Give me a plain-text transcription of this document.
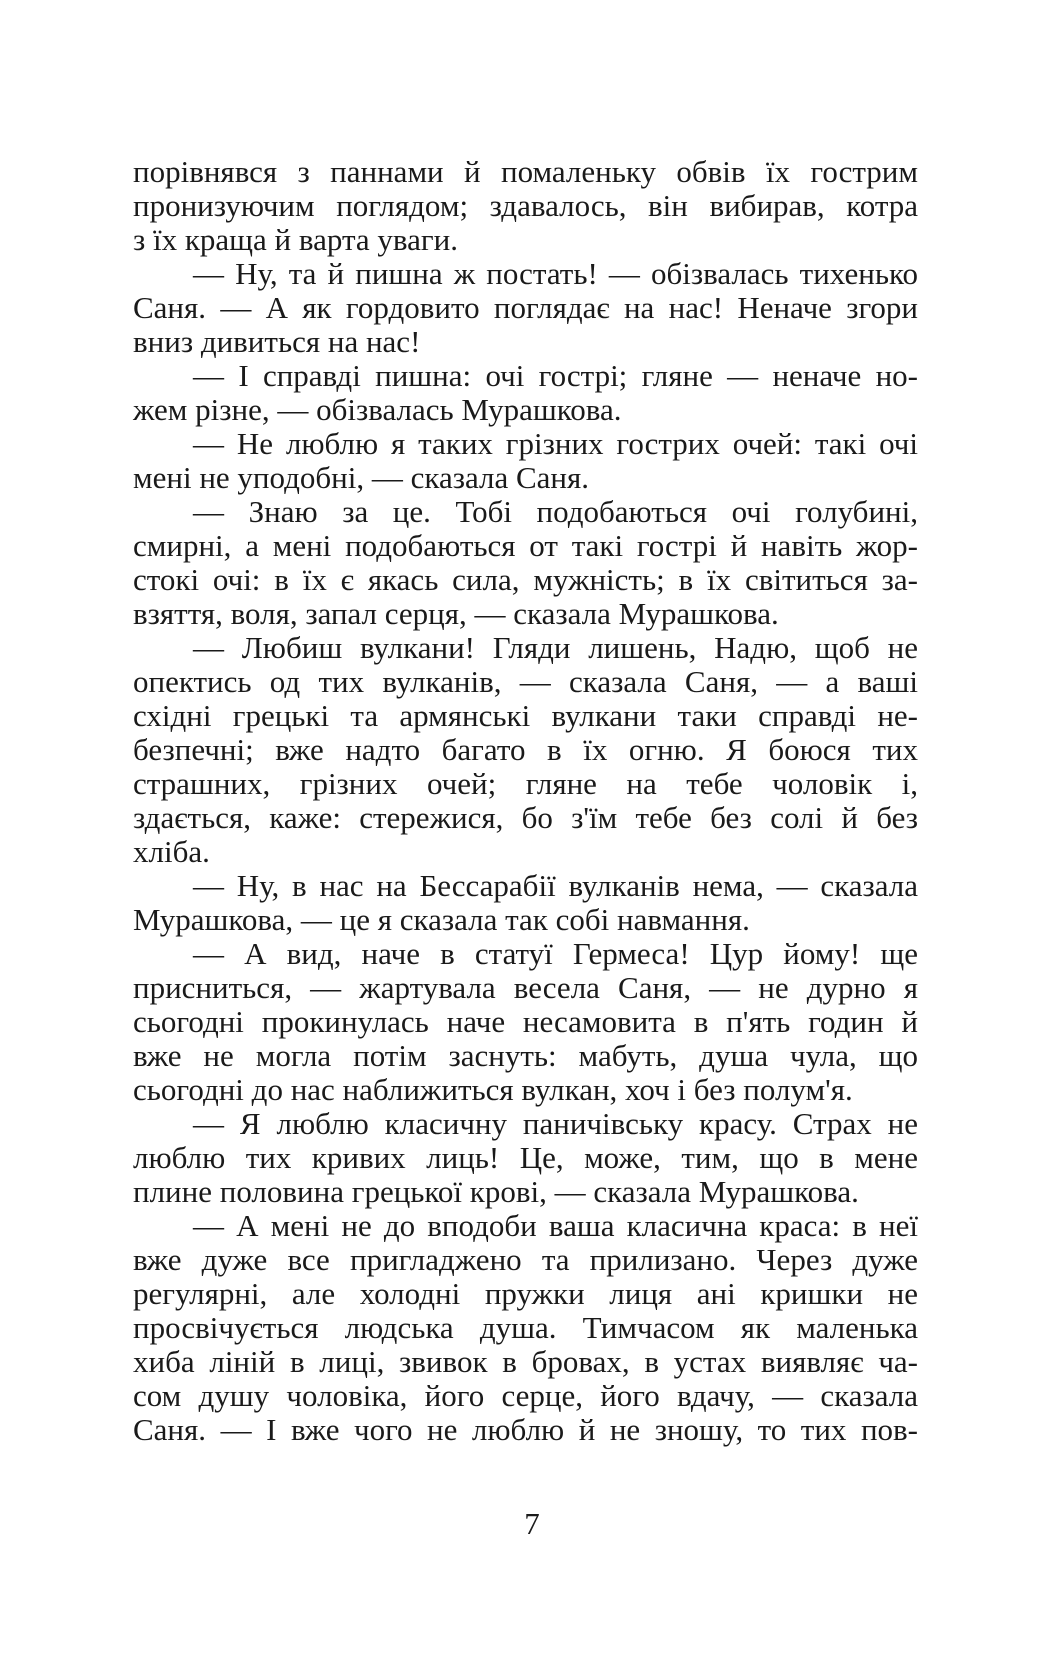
порівнявся з паннами й помаленьку обвів їх гострим
пронизуючим поглядом; здавалось, він вибирав, котра
з їх краща й варта уваги.
— Ну, та й пишна ж постать! — обізвалась тихенько
Саня. — А як гордовито поглядає на нас! Неначе згори
вниз дивиться на нас!
— І справді пишна: очі гострі; гляне — неначе но-
жем різне, — обізвалась Мурашкова.
— Не люблю я таких грізних гострих очей: такі очі
мені не уподобні, — сказала Саня.
— Знаю за це. Тобі подобаються очі голубині,
смирні, а мені подобаються от такі гострі й навіть жор-
стокі очі: в їх є якась сила, мужність; в їх світиться за-
взяття, воля, запал серця, — сказала Мурашкова.
— Любиш вулкани! Гляди лишень, Надю, щоб не
опектись од тих вулканів, — сказала Саня, — а ваші
східні грецькі та армянські вулкани таки справді не-
безпечні; вже надто багато в їх огню. Я боюся тих
страшних, грізних очей; гляне на тебе чоловік і,
здається, каже: стережися, бо з'їм тебе без солі й без
хліба.
— Ну, в нас на Бессарабії вулканів нема, — сказала
Мурашкова, — це я сказала так собі навмання.
— А вид, наче в статуї Гермеса! Цур йому! ще
присниться, — жартувала весела Саня, — не дурно я
сьогодні прокинулась наче несамовита в п'ять годин й
вже не могла потім заснуть: мабуть, душа чула, що
сьогодні до нас наближиться вулкан, хоч і без полум'я.
— Я люблю класичну паничівську красу. Страх не
люблю тих кривих лиць! Це, може, тим, що в мене
плине половина грецької крові, — сказала Мурашкова.
— А мені не до вподоби ваша класична краса: в неї
вже дуже все пригладжено та прилизано. Через дуже
регулярні, але холодні пружки лиця ані кришки не
просвічується людська душа. Тимчасом як маленька
хиба ліній в лиці, звивок в бровах, в устах виявляє ча-
сом душу чоловіка, його серце, його вдачу, — сказала
Саня. — І вже чого не люблю й не зношу, то тих пов-
7
